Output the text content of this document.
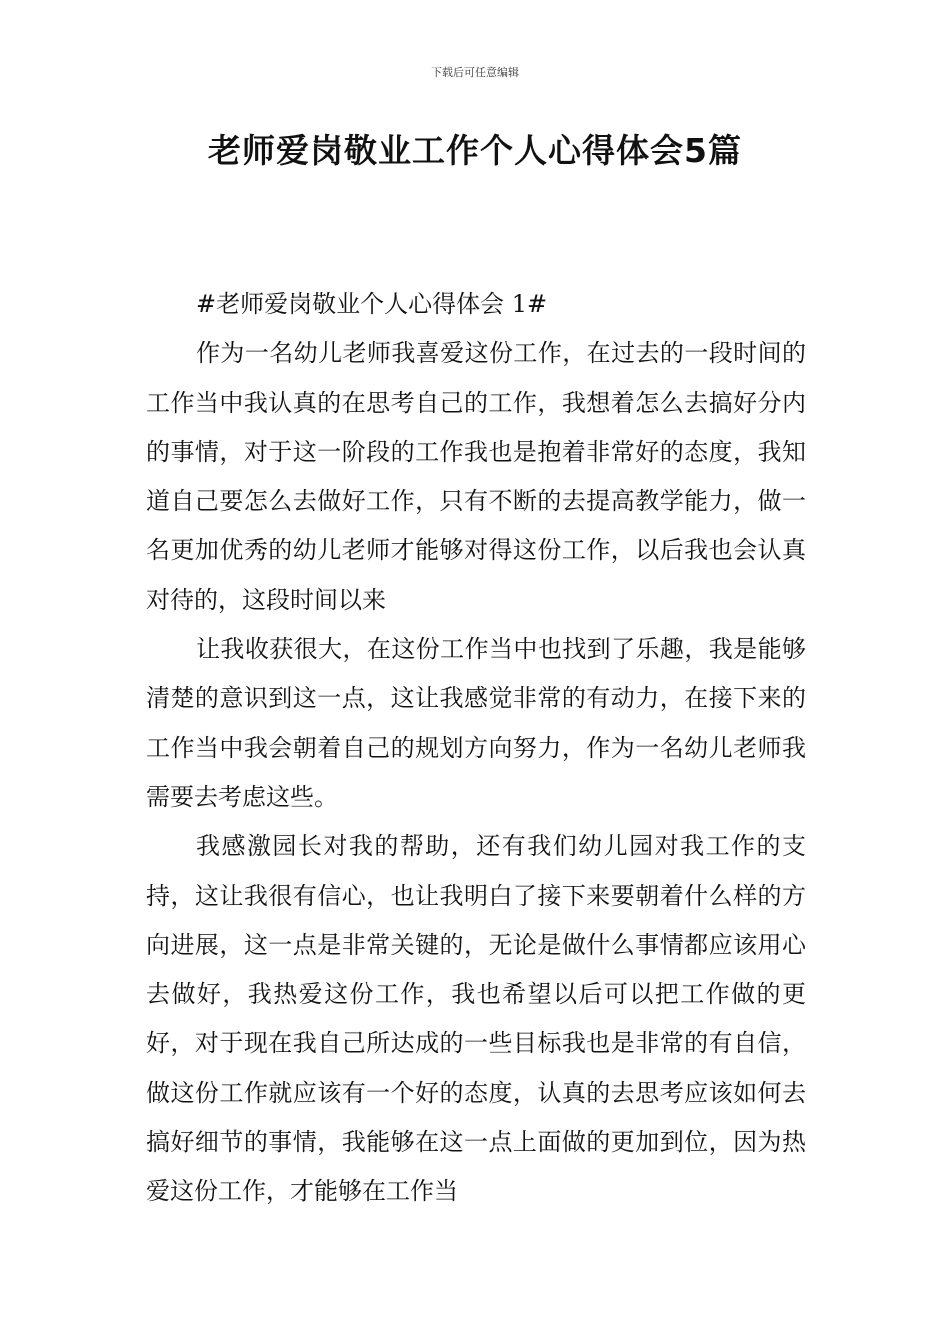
下载后可任意编辑
老师爱岗敬业工作个人心得体会5篇

#老师爱岗敬业个人心得体会 1#

作为一名幼儿老师我喜爱这份工作，在过去的一段时间的工作当中我认真的在思考自己的工作，我想着怎么去搞好分内的事情，对于这一阶段的工作我也是抱着非常好的态度，我知道自己要怎么去做好工作，只有不断的去提高教学能力，做一名更加优秀的幼儿老师才能够对得这份工作，以后我也会认真对待的，这段时间以来

让我收获很大，在这份工作当中也找到了乐趣，我是能够清楚的意识到这一点，这让我感觉非常的有动力，在接下来的工作当中我会朝着自己的规划方向努力，作为一名幼儿老师我需要去考虑这些。

我感激园长对我的帮助，还有我们幼儿园对我工作的支持，这让我很有信心，也让我明白了接下来要朝着什么样的方向进展，这一点是非常关键的，无论是做什么事情都应该用心去做好，我热爱这份工作，我也希望以后可以把工作做的更好，对于现在我自己所达成的一些目标我也是非常的有自信，做这份工作就应该有一个好的态度，认真的去思考应该如何去搞好细节的事情，我能够在这一点上面做的更加到位，因为热爱这份工作，才能够在工作当
